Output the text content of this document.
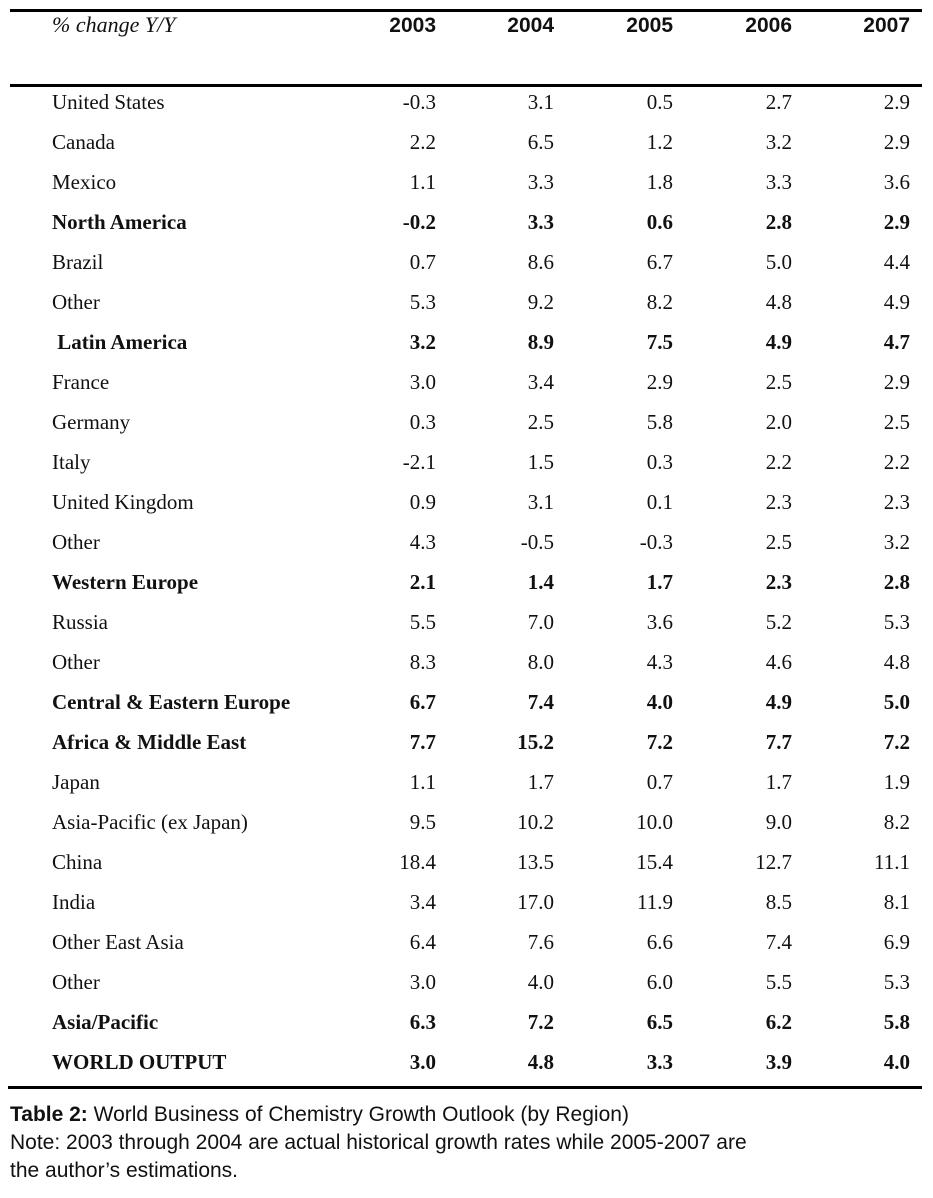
% change Y/Y	2003	2004	2005	2006	2007
United States	-0.3	3.1	0.5	2.7	2.9
Canada	2.2	6.5	1.2	3.2	2.9
Mexico	1.1	3.3	1.8	3.3	3.6
North America	-0.2	3.3	0.6	2.8	2.9
Brazil	0.7	8.6	6.7	5.0	4.4
Other	5.3	9.2	8.2	4.8	4.9
Latin America	3.2	8.9	7.5	4.9	4.7
France	3.0	3.4	2.9	2.5	2.9
Germany	0.3	2.5	5.8	2.0	2.5
Italy	-2.1	1.5	0.3	2.2	2.2
United Kingdom	0.9	3.1	0.1	2.3	2.3
Other	4.3	-0.5	-0.3	2.5	3.2
Western Europe	2.1	1.4	1.7	2.3	2.8
Russia	5.5	7.0	3.6	5.2	5.3
Other	8.3	8.0	4.3	4.6	4.8
Central & Eastern Europe	6.7	7.4	4.0	4.9	5.0
Africa & Middle East	7.7	15.2	7.2	7.7	7.2
Japan	1.1	1.7	0.7	1.7	1.9
Asia-Pacific (ex Japan)	9.5	10.2	10.0	9.0	8.2
China	18.4	13.5	15.4	12.7	11.1
India	3.4	17.0	11.9	8.5	8.1
Other East Asia	6.4	7.6	6.6	7.4	6.9
Other	3.0	4.0	6.0	5.5	5.3
Asia/Pacific	6.3	7.2	6.5	6.2	5.8
WORLD OUTPUT	3.0	4.8	3.3	3.9	4.0
Table 2: World Business of Chemistry Growth Outlook (by Region)
Note: 2003 through 2004 are actual historical growth rates while 2005-2007 are
the author’s estimations.
